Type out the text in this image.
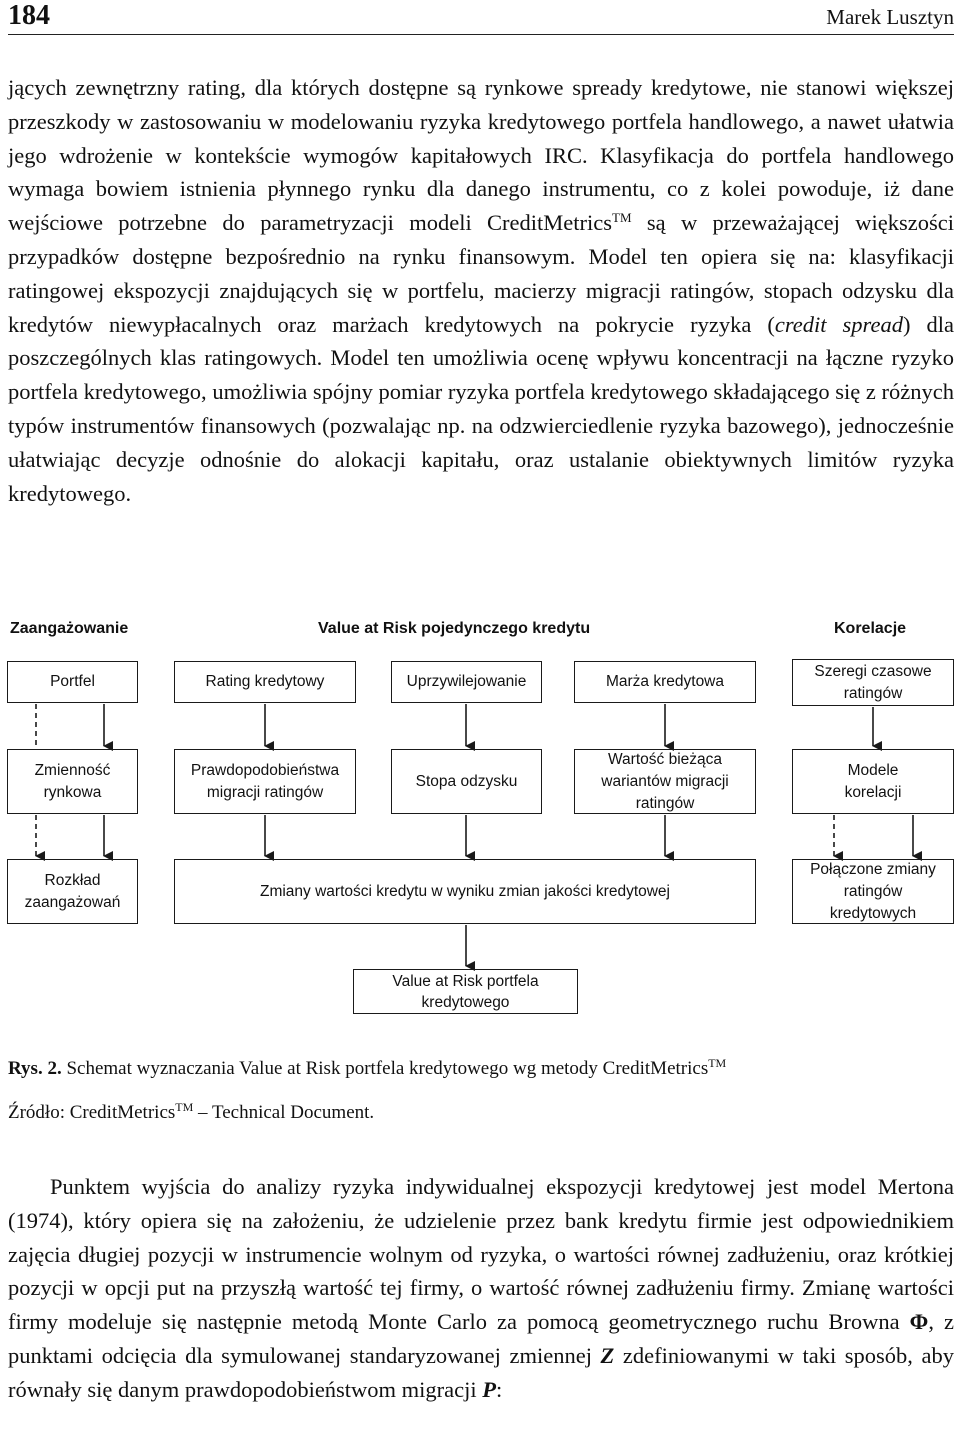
184	Marek Lusztyn

jących zewnętrzny rating, dla których dostępne są rynkowe spready kredytowe, nie stanowi większej przeszkody w zastosowaniu w modelowaniu ryzyka kredytowego portfela handlowego, a nawet ułatwia jego wdrożenie w kontekście wymogów kapitałowych IRC. Klasyfikacja do portfela handlowego wymaga bowiem istnienia płynnego rynku dla danego instrumentu, co z kolei powoduje, iż dane wejściowe potrzebne do parametryzacji modeli CreditMetrics™ są w przeważającej większości przypadków dostępne bezpośrednio na rynku finansowym. Model ten opiera się na: klasyfikacji ratingowej ekspozycji znajdujących się w portfelu, macierzy migracji ratingów, stopach odzysku dla kredytów niewypłacalnych oraz marżach kredytowych na pokrycie ryzyka (credit spread) dla poszczególnych klas ratingowych. Model ten umożliwia ocenę wpływu koncentracji na łączne ryzyko portfela kredytowego, umożliwia spójny pomiar ryzyka portfela kredytowego składającego się z różnych typów instrumentów finansowych (pozwalając np. na odzwierciedlenie ryzyka bazowego), jednocześnie ułatwiając decyzje odnośnie do alokacji kapitału, oraz ustalanie obiektywnych limitów ryzyka kredytowego.

Zaangażowanie	Value at Risk pojedynczego kredytu	Korelacje
Portfel	Rating kredytowy	Uprzywilejowanie	Marża kredytowa
Szeregi czasowe ratingów
Zmienność rynkowa
Prawdopodobieństwa migracji ratingów
Stopa odzysku
Wartość bieżąca wariantów migracji ratingów
Modele korelacji
Rozkład zaangażowań
Zmiany wartości kredytu w wyniku zmian jakości kredytowej
Połączone zmiany ratingów kredytowych
Value at Risk portfela kredytowego
Rys. 2. Schemat wyznaczania Value at Risk portfela kredytowego wg metody CreditMetrics™
Źródło: CreditMetrics™ – Technical Document.

Punktem wyjścia do analizy ryzyka indywidualnej ekspozycji kredytowej jest model Mertona (1974), który opiera się na założeniu, że udzielenie przez bank kredytu firmie jest odpowiednikiem zajęcia długiej pozycji w instrumencie wolnym od ryzyka, o wartości równej zadłużeniu, oraz krótkiej pozycji w opcji put na przyszłą wartość tej firmy, o wartość równej zadłużeniu firmy. Zmianę wartości firmy modeluje się następnie metodą Monte Carlo za pomocą geometrycznego ruchu Browna Φ, z punktami odcięcia dla symulowanej standaryzowanej zmiennej Z zdefiniowanymi w taki sposób, aby równały się danym prawdopodobieństwom migracji P:
